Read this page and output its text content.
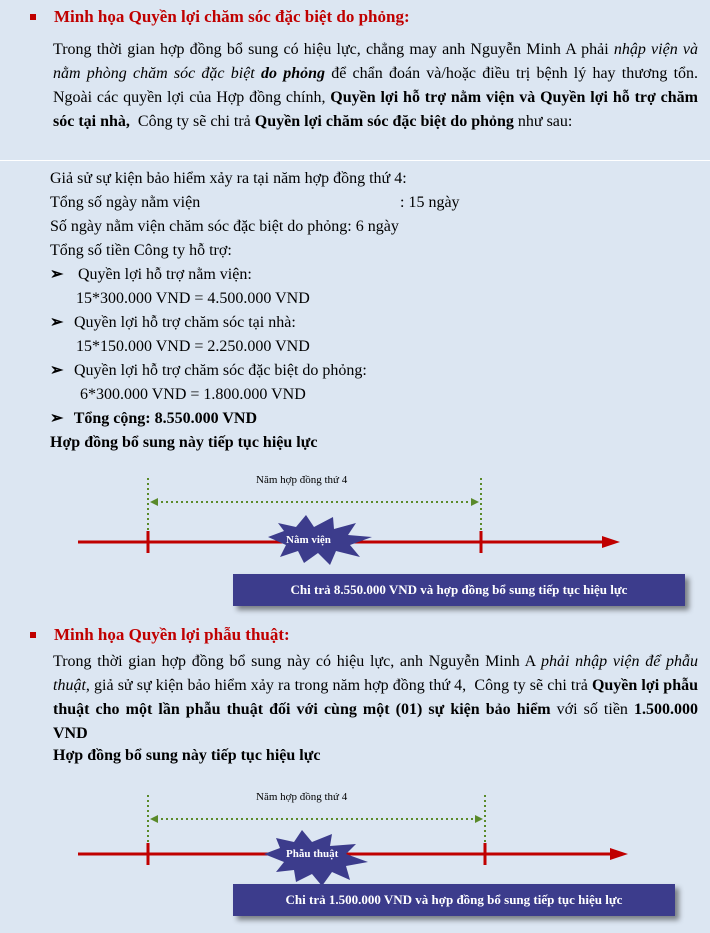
Minh họa Quyền lợi chăm sóc đặc biệt do phỏng:
Trong thời gian hợp đồng bổ sung có hiệu lực, chẳng may anh Nguyễn Minh A phải nhập viện và nằm phòng chăm sóc đặc biệt do phỏng để chẩn đoán và/hoặc điều trị bệnh lý hay thương tổn. Ngoài các quyền lợi của Hợp đồng chính, Quyền lợi hỗ trợ nằm viện và Quyền lợi hỗ trợ chăm sóc tại nhà,  Công ty sẽ chi trả Quyền lợi chăm sóc đặc biệt do phỏng như sau:
Giả sử sự kiện bảo hiểm xảy ra tại năm hợp đồng thứ 4:
Tổng số ngày nằm viện	: 15 ngày
Số ngày nằm viện chăm sóc đặc biệt do phỏng: 6 ngày
Tổng số tiền Công ty hỗ trợ:
➢ Quyền lợi hỗ trợ nằm viện:
15*300.000 VND = 4.500.000 VND
➢ Quyền lợi hỗ trợ chăm sóc tại nhà:
15*150.000 VND = 2.250.000 VND
➢ Quyền lợi hỗ trợ chăm sóc đặc biệt do phỏng:
6*300.000 VND = 1.800.000 VND
➢ Tổng cộng: 8.550.000 VND
Hợp đồng bổ sung này tiếp tục hiệu lực
Năm hợp đồng thứ 4
Nằm viện
Chi trả 8.550.000 VND và hợp đồng bổ sung tiếp tục hiệu lực
Minh họa Quyền lợi phẫu thuật:
Trong thời gian hợp đồng bổ sung này có hiệu lực, anh Nguyễn Minh A phải nhập viện để phẫu thuật, giả sử sự kiện bảo hiểm xảy ra trong năm hợp đồng thứ 4,  Công ty sẽ chi trả Quyền lợi phẫu thuật cho một lần phẫu thuật đối với cùng một (01) sự kiện bảo hiểm với số tiền 1.500.000 VND
Hợp đồng bổ sung này tiếp tục hiệu lực
Năm hợp đồng thứ 4
Phẫu thuật
Chi trả 1.500.000 VND và hợp đồng bổ sung tiếp tục hiệu lực
